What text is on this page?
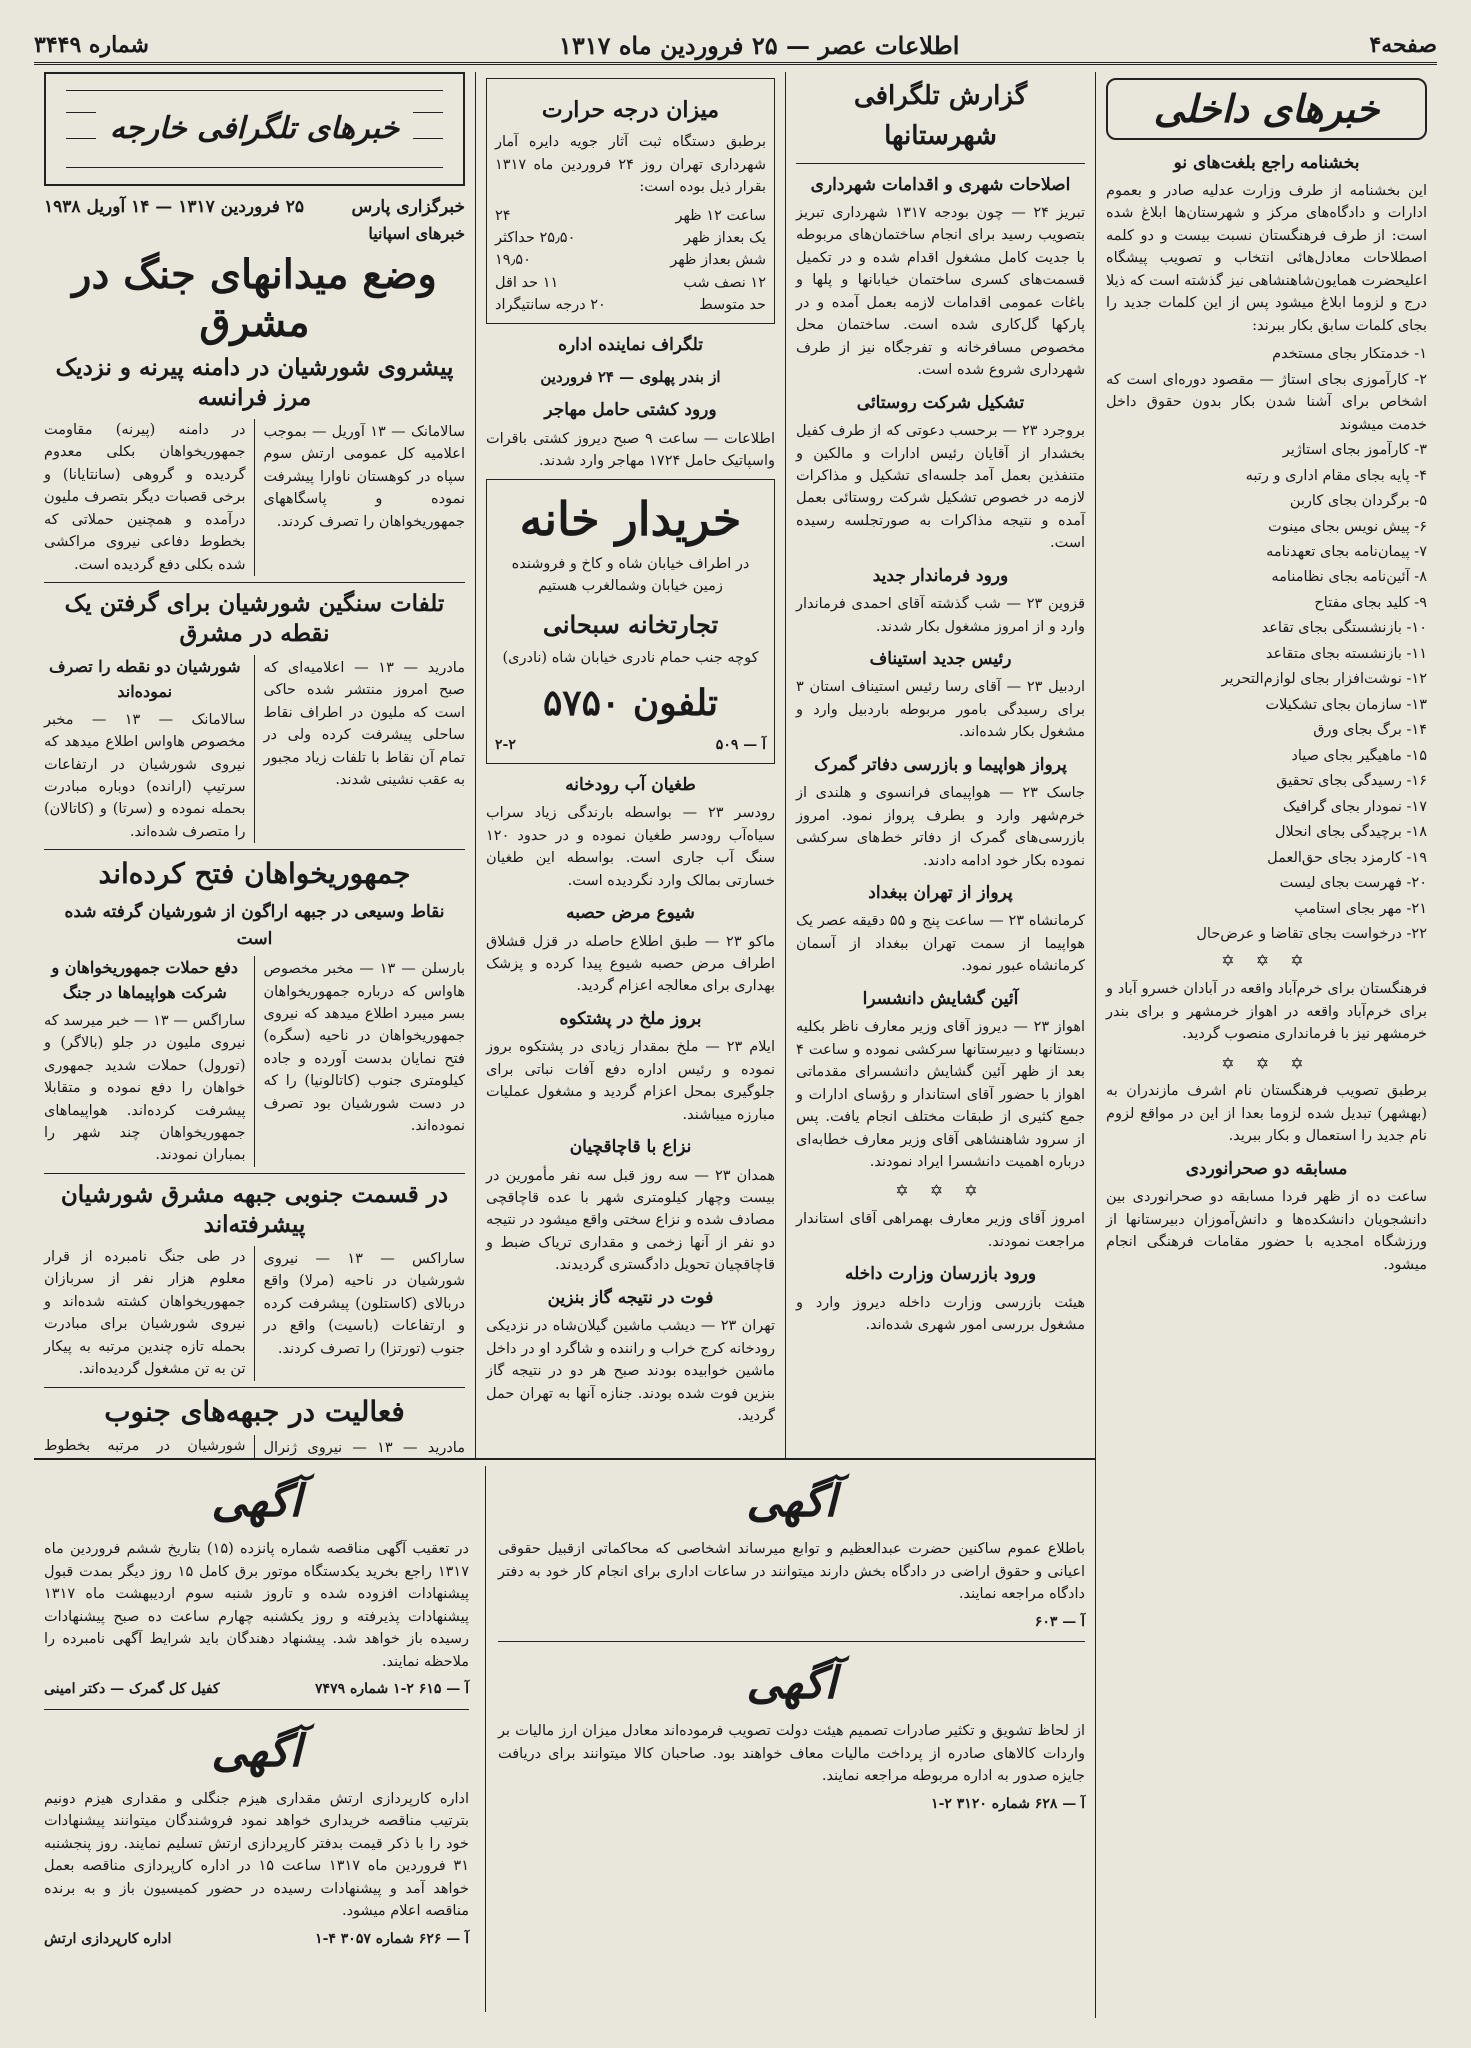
صفحه۴
اطلاعات عصر — ۲۵ فروردین ماه ۱۳۱۷
شماره ۳۴۴۹
خبرهای داخلی
بخشنامه راجع بلغت‌های نو

این بخشنامه از طرف وزارت عدلیه صادر و بعموم ادارات و دادگاه‌های مرکز و شهرستان‌ها ابلاغ شده است: از طرف فرهنگستان نسبت بیست و دو کلمه اصطلاحات معادل‌هائی انتخاب و تصویب پیشگاه اعلیحضرت همایون‌شاهنشاهی نیز گذشته است که ذیلا درج و لزوما ابلاغ میشود پس از این کلمات جدید را بجای کلمات سابق بکار ببرند:

۱- خدمتکار بجای مستخدم

۲- کارآموزی بجای استاژ — مقصود دوره‌ای است که اشخاص برای آشنا شدن بکار بدون حقوق داخل خدمت میشوند

۳- کارآموز بجای استاژیر

۴- پایه بجای مقام اداری و رتبه

۵- برگردان بجای کاربن

۶- پیش نویس بجای مینوت

۷- پیمان‌نامه بجای تعهدنامه

۸- آئین‌نامه بجای نظامنامه

۹- کلید بجای مفتاح

۱۰- بازنشستگی بجای تقاعد

۱۱- بازنشسته بجای متقاعد

۱۲- نوشت‌افزار بجای لوازم‌التحریر

۱۳- سازمان بجای تشکیلات

۱۴- برگ بجای ورق

۱۵- ماهیگیر بجای صیاد

۱۶- رسیدگی بجای تحقیق

۱۷- نمودار بجای گرافیک

۱۸- برچیدگی بجای انحلال

۱۹- کارمزد بجای حق‌العمل

۲۰- فهرست بجای لیست

۲۱- مهر بجای استامپ

۲۲- درخواست بجای تقاضا و عرض‌حال

✡ ✡ ✡

فرهنگستان برای خرم‌آباد واقعه در آبادان خسرو آباد و برای خرم‌آباد واقعه در اهواز خرمشهر و برای بندر خرمشهر نیز با فرمانداری منصوب گردید.

✡ ✡ ✡

برطبق تصویب فرهنگستان نام اشرف مازندران به (بهشهر) تبدیل شده لزوما بعدا از این در مواقع لزوم نام جدید را استعمال و بکار ببرید.

مسابقه دو صحرانوردی

ساعت ده از ظهر فردا مسابقه دو صحرانوردی بین دانشجویان دانشکده‌ها و دانش‌آموزان دبیرستانها از ورزشگاه امجدیه با حضور مقامات فرهنگی انجام میشود.

گزارش تلگرافی شهرستانها
اصلاحات شهری و اقدامات شهرداری

تبریز ۲۴ — چون بودجه ۱۳۱۷ شهرداری تبریز بتصویب رسید برای انجام ساختمان‌های مربوطه با جدیت کامل مشغول اقدام شده و در تکمیل قسمت‌های کسری ساختمان خیابانها و پلها و باغات عمومی اقدامات لازمه بعمل آمده و در پارکها گل‌کاری شده است. ساختمان محل مخصوص مسافرخانه و تفرجگاه نیز از طرف شهرداری شروع شده است.

تشکیل شرکت روستائی

بروجرد ۲۳ — برحسب دعوتی که از طرف کفیل بخشدار از آقایان رئیس ادارات و مالکین و متنفذین بعمل آمد جلسه‌ای تشکیل و مذاکرات لازمه در خصوص تشکیل شرکت روستائی بعمل آمده و نتیجه مذاکرات به صورتجلسه رسیده است.

ورود فرماندار جدید

قزوین ۲۳ — شب گذشته آقای احمدی فرماندار وارد و از امروز مشغول بکار شدند.

رئیس جدید استیناف

اردبیل ۲۳ — آقای رسا رئیس استیناف استان ۳ برای رسیدگی بامور مربوطه باردبیل وارد و مشغول بکار شده‌اند.

پرواز هواپیما و بازرسی دفاتر گمرک

جاسک ۲۳ — هواپیمای فرانسوی و هلندی از خرم‌شهر وارد و بطرف پرواز نمود. امروز بازرسی‌های گمرک از دفاتر خط‌های سرکشی نموده بکار خود ادامه دادند.

پرواز از تهران ببغداد

کرمانشاه ۲۳ — ساعت پنج و ۵۵ دقیقه عصر یک هواپیما از سمت تهران ببغداد از آسمان کرمانشاه عبور نمود.

آئین گشایش دانشسرا

اهواز ۲۳ — دیروز آقای وزیر معارف ناظر بکلیه دبستانها و دبیرستانها سرکشی نموده و ساعت ۴ بعد از ظهر آئین گشایش دانشسرای مقدماتی اهواز با حضور آقای استاندار و رؤسای ادارات و جمع کثیری از طبقات مختلف انجام یافت. پس از سرود شاهنشاهی آقای وزیر معارف خطابه‌ای درباره اهمیت دانشسرا ایراد نمودند.

✡ ✡ ✡

امروز آقای وزیر معارف بهمراهی آقای استاندار مراجعت نمودند.

ورود بازرسان وزارت داخله

هیئت بازرسی وزارت داخله دیروز وارد و مشغول بررسی امور شهری شده‌اند.

میزان درجه حرارت

برطبق دستگاه ثبت آثار جویه دایره آمار شهرداری تهران روز ۲۴ فروردین ماه ۱۳۱۷ بقرار ذیل بوده است:

ساعت ۱۲ ظهر
۲۴
یک بعداز ظهر
۲۵٫۵۰ حداکثر
شش بعداز ظهر
۱۹٫۵۰
۱۲ نصف شب
۱۱ حد اقل
حد متوسط
۲۰ درجه سانتیگراد
تلگراف نماینده اداره
از بندر پهلوی — ۲۴ فروردین
ورود کشتی حامل مهاجر

اطلاعات — ساعت ۹ صبح دیروز کشتی باقرات واسپاتیک حامل ۱۷۲۴ مهاجر وارد شدند.

خریدار خانه

در اطراف خیابان شاه و کاخ و فروشنده زمین خیابان وشمالغرب هستیم

تجارتخانه سبحانی

کوچه جنب حمام نادری خیابان شاه (نادری)

تلفون ۵۷۵۰
آ — ۵۰۹
۲-۲
طغیان آب رودخانه

رودسر ۲۳ — بواسطه بارندگی زیاد سراب سیاه‌آب رودسر طغیان نموده و در حدود ۱۲۰ سنگ آب جاری است. بواسطه این طغیان خسارتی بمالک وارد نگردیده است.

شیوع مرض حصبه

ماکو ۲۳ — طبق اطلاع حاصله در قزل قشلاق اطراف مرض حصبه شیوع پیدا کرده و پزشک بهداری برای معالجه اعزام گردید.

بروز ملخ در پشتکوه

ایلام ۲۳ — ملخ بمقدار زیادی در پشتکوه بروز نموده و رئیس اداره دفع آفات نباتی برای جلوگیری بمحل اعزام گردید و مشغول عملیات مبارزه میباشند.

نزاع با قاچاقچیان

همدان ۲۳ — سه روز قبل سه نفر مأمورین در بیست وچهار کیلومتری شهر با عده قاچاقچی مصادف شده و نزاع سختی واقع میشود در نتیجه دو نفر از آنها زخمی و مقداری تریاک ضبط و قاچاقچیان تحویل دادگستری گردیدند.

فوت در نتیجه گاز بنزین

تهران ۲۳ — دیشب ماشین گیلان‌شاه در نزدیکی رودخانه کرج خراب و راننده و شاگرد او در داخل ماشین خوابیده بودند صبح هر دو در نتیجه گاز بنزین فوت شده بودند. جنازه آنها به تهران حمل گردید.

خبرهای تلگرافی خارجه
خبرگزاری پارس
۲۵ فروردین ۱۳۱۷ — ۱۴ آوریل ۱۹۳۸
خبرهای اسپانیا
وضع میدانهای جنگ در مشرق
پیشروی شورشیان در دامنه پیرنه و نزدیک مرز فرانسه

سالامانک — ۱۳ آوریل — بموجب اعلامیه کل عمومی ارتش سوم سپاه در کوهستان ناوارا پیشرفت نموده و پاسگاههای جمهوریخواهان را تصرف کردند.

در دامنه (پیرنه) مقاومت جمهوریخواهان بکلی معدوم گردیده و گروهی (سانتایانا) و برخی قصبات دیگر بتصرف ملیون درآمده و همچنین حملاتی که بخطوط دفاعی نیروی مراکشی شده بکلی دفع گردیده است.

تلفات سنگین شورشیان برای گرفتن یک نقطه در مشرق

مادرید — ۱۳ — اعلامیه‌ای که صبح امروز منتشر شده حاکی است که ملیون در اطراف نقاط ساحلی پیشرفت کرده ولی در تمام آن نقاط با تلفات زیاد مجبور به عقب نشینی شدند.

شورشیان دو نقطه را تصرف نموده‌اند

سالامانک — ۱۳ — مخبر مخصوص هاواس اطلاع میدهد که نیروی شورشیان در ارتفاعات سرتیپ (ارانده) دوباره مبادرت بحمله نموده و (سرتا) و (کاتالان) را متصرف شده‌اند.

جمهوریخواهان فتح کرده‌اند
نقاط وسیعی در جبهه اراگون از شورشیان گرفته شده است

بارسلن — ۱۳ — مخبر مخصوص هاواس که درباره جمهوریخواهان بسر میبرد اطلاع میدهد که نیروی جمهوریخواهان در ناحیه (سگره) فتح نمایان بدست آورده و جاده کیلومتری جنوب (کاتالونیا) را که در دست شورشیان بود تصرف نموده‌اند.

دفع حملات جمهوریخواهان و شرکت هواپیماها در جنگ

ساراگس — ۱۳ — خبر میرسد که نیروی ملیون در جلو (بالاگر) و (تورول) حملات شدید جمهوری خواهان را دفع نموده و متقابلا پیشرفت کرده‌اند. هواپیماهای جمهوریخواهان چند شهر را بمباران نمودند.

در قسمت جنوبی جبهه مشرق شورشیان پیشرفته‌اند

ساراکس — ۱۳ — نیروی شورشیان در ناحیه (مرلا) واقع دربالای (کاستلون) پیشرفت کرده و ارتفاعات (باسیت) واقع در جنوب (تورتزا) را تصرف کردند.

در طی جنگ نامبرده از قرار معلوم هزار نفر از سربازان جمهوریخواهان کشته شده‌اند و نیروی شورشیان برای مبادرت بحمله تازه چندین مرتبه به پیکار تن به تن مشغول گردیده‌اند.

فعالیت در جبهه‌های جنوب

مادرید — ۱۳ — نیروی ژنرال

شورشیان در مرتبه بخطوط

آگهی

باطلاع عموم ساکنین حضرت عبدالعظیم و توابع میرساند اشخاصی که محاکماتی ازقبیل حقوقی اعیانی و حقوق اراضی در دادگاه بخش دارند میتوانند در ساعات اداری برای انجام کار خود به دفتر دادگاه مراجعه نمایند.

آ — ۶۰۳
آگهی

از لحاظ تشویق و تکثیر صادرات تصمیم هیئت دولت تصویب فرموده‌اند معادل میزان ارز مالیات بر واردات کالاهای صادره از پرداخت مالیات معاف خواهند بود. صاحبان کالا میتوانند برای دریافت جایزه صدور به اداره مربوطه مراجعه نمایند.

آ — ۶۲۸ شماره ۳۱۲۰ ۲-۱
آگهی

در تعقیب آگهی مناقصه شماره پانزده (۱۵) بتاریخ ششم فروردین ماه ۱۳۱۷ راجع بخرید یکدستگاه موتور برق کامل ۱۵ روز دیگر بمدت قبول پیشنهادات افزوده شده و تاروز شنبه سوم اردیبهشت ماه ۱۳۱۷ پیشنهادات پذیرفته و روز یکشنبه چهارم ساعت ده صبح پیشنهادات رسیده باز خواهد شد. پیشنهاد دهندگان باید شرایط آگهی نامبرده را ملاحظه نمایند.

آ — ۶۱۵ ۲-۱ شماره ۷۴۷۹
کفیل کل گمرک — دکتر امینی
آگهی

اداره کارپردازی ارتش مقداری هیزم جنگلی و مقداری هیزم دونیم بترتیب مناقصه خریداری خواهد نمود فروشندگان میتوانند پیشنهادات خود را با ذکر قیمت بدفتر کارپردازی ارتش تسلیم نمایند. روز پنجشنبه ۳۱ فروردین ماه ۱۳۱۷ ساعت ۱۵ در اداره کارپردازی مناقصه بعمل خواهد آمد و پیشنهادات رسیده در حضور کمیسیون باز و به برنده مناقصه اعلام میشود.

آ — ۶۲۶ شماره ۳۰۵۷ ۴-۱
اداره کارپردازی ارتش
